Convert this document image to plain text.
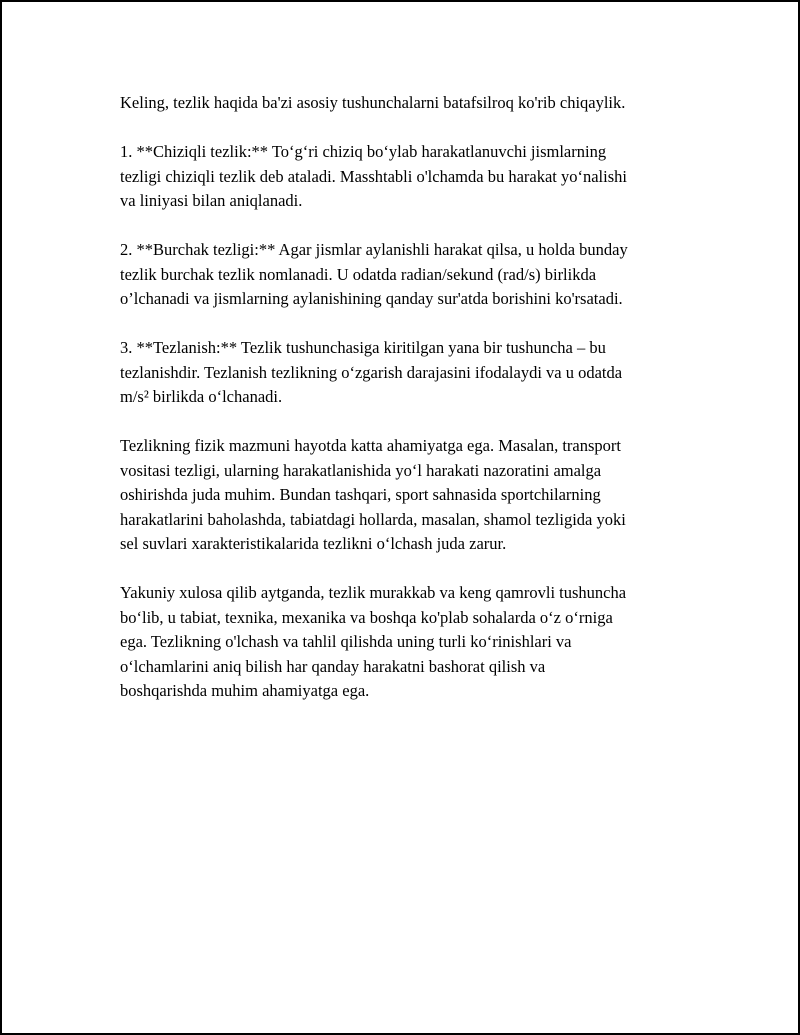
Keling, tezlik haqida ba'zi asosiy tushunchalarni batafsilroq ko'rib chiqaylik.

1. **Chiziqli tezlik:** To‘g‘ri chiziq bo‘ylab harakatlanuvchi jismlarning
tezligi chiziqli tezlik deb ataladi. Masshtabli o'lchamda bu harakat yo‘nalishi
va liniyasi bilan aniqlanadi.

2. **Burchak tezligi:** Agar jismlar aylanishli harakat qilsa, u holda bunday
tezlik burchak tezlik nomlanadi. U odatda radian/sekund (rad/s) birlikda
o’lchanadi va jismlarning aylanishining qanday sur'atda borishini ko'rsatadi.

3. **Tezlanish:** Tezlik tushunchasiga kiritilgan yana bir tushuncha – bu
tezlanishdir. Tezlanish tezlikning o‘zgarish darajasini ifodalaydi va u odatda
m/s² birlikda o‘lchanadi.

Tezlikning fizik mazmuni hayotda katta ahamiyatga ega. Masalan, transport
vositasi tezligi, ularning harakatlanishida yo‘l harakati nazoratini amalga
oshirishda juda muhim. Bundan tashqari, sport sahnasida sportchilarning
harakatlarini baholashda, tabiatdagi hollarda, masalan, shamol tezligida yoki
sel suvlari xarakteristikalarida tezlikni o‘lchash juda zarur.

Yakuniy xulosa qilib aytganda, tezlik murakkab va keng qamrovli tushuncha
bo‘lib, u tabiat, texnika, mexanika va boshqa ko'plab sohalarda o‘z o‘rniga
ega. Tezlikning o'lchash va tahlil qilishda uning turli ko‘rinishlari va
o‘lchamlarini aniq bilish har qanday harakatni bashorat qilish va
boshqarishda muhim ahamiyatga ega.
